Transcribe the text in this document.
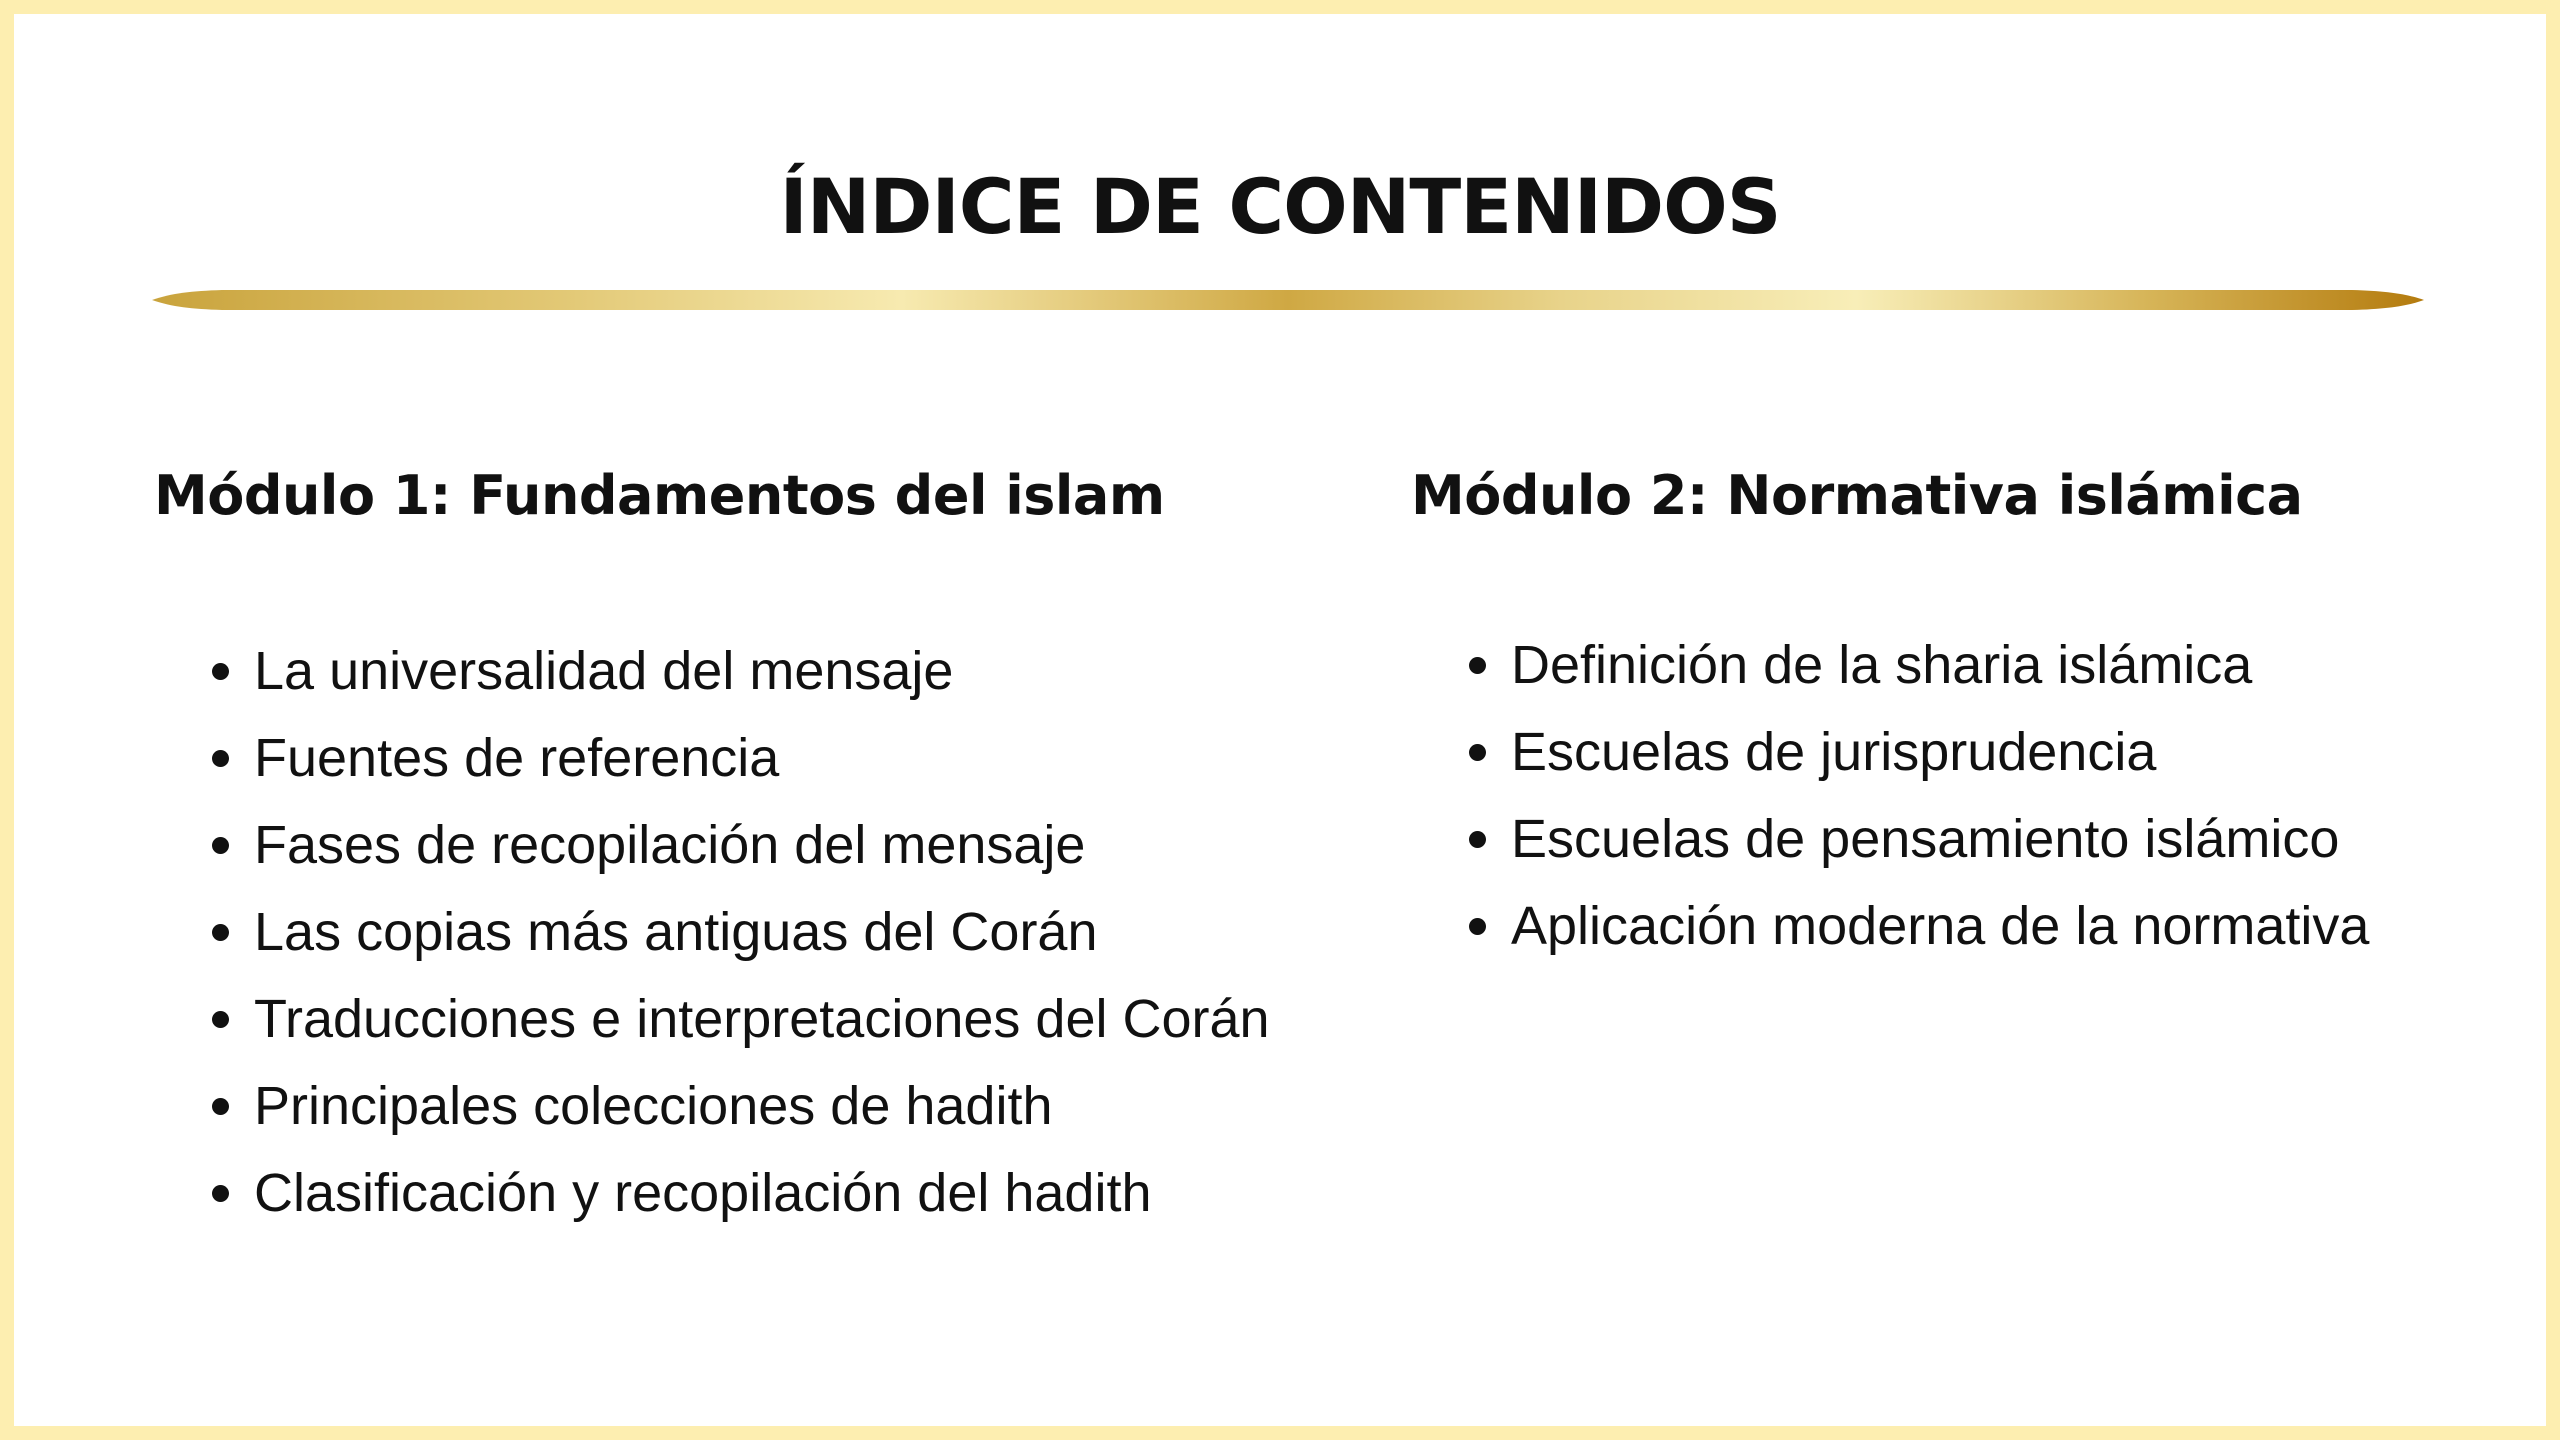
ÍNDICE DE CONTENIDOS
Módulo 1: Fundamentos del islam
La universalidad del mensaje
Fuentes de referencia
Fases de recopilación del mensaje
Las copias más antiguas del Corán
Traducciones e interpretaciones del Corán
Principales colecciones de hadith
Clasificación y recopilación del hadith
Módulo 2: Normativa islámica
Definición de la sharia islámica
Escuelas de jurisprudencia
Escuelas de pensamiento islámico
Aplicación moderna de la normativa
